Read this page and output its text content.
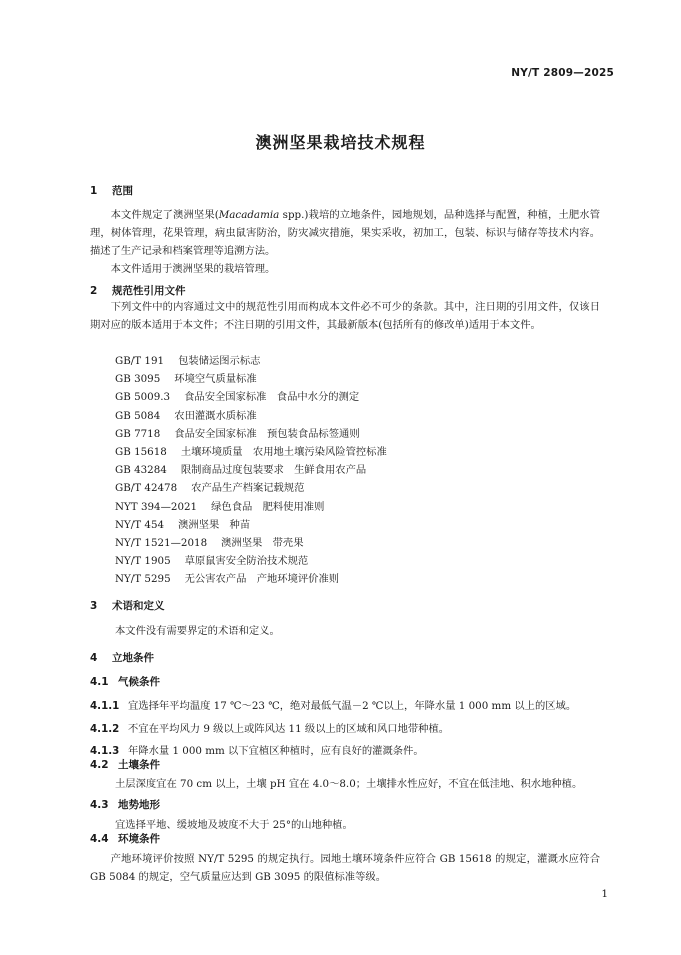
NY/T 2809—2025
澳洲坚果栽培技术规程
1 范围

本文件规定了澳洲坚果(Macadamia spp.)栽培的立地条件，园地规划，品种选择与配置，种植，土肥水管理，树体管理，花果管理，病虫鼠害防治，防灾减灾措施，果实采收，初加工，包装、标识与储存等技术内容。描述了生产记录和档案管理等追溯方法。

本文件适用于澳洲坚果的栽培管理。

2 规范性引用文件

下列文件中的内容通过文中的规范性引用而构成本文件必不可少的条款。其中，注日期的引用文件，仅该日期对应的版本适用于本文件；不注日期的引用文件，其最新版本(包括所有的修改单)适用于本文件。

GB/T 191 包装储运图示标志
GB 3095 环境空气质量标准
GB 5009.3 食品安全国家标准　食品中水分的测定
GB 5084 农田灌溉水质标准
GB 7718 食品安全国家标准　预包装食品标签通则
GB 15618 土壤环境质量　农用地土壤污染风险管控标准
GB 43284 限制商品过度包装要求　生鲜食用农产品
GB/T 42478 农产品生产档案记载规范
NYT 394—2021 绿色食品　肥料使用准则
NY/T 454 澳洲坚果　种苗
NY/T 1521—2018 澳洲坚果　带壳果
NY/T 1905 草原鼠害安全防治技术规范
NY/T 5295 无公害农产品　产地环境评价准则
3 术语和定义
本文件没有需要界定的术语和定义。
4 立地条件
4.1 气候条件
4.1.1 宜选择年平均温度 17 ℃～23 ℃，绝对最低气温－2 ℃以上，年降水量 1 000 mm 以上的区域。
4.1.2 不宜在平均风力 9 级以上或阵风达 11 级以上的区域和风口地带种植。
4.1.3 年降水量 1 000 mm 以下宜植区种植时，应有良好的灌溉条件。
4.2 土壤条件
土层深度宜在 70 cm 以上，土壤 pH 宜在 4.0～8.0；土壤排水性应好，不宜在低洼地、积水地种植。
4.3 地势地形
宜选择平地、缓坡地及坡度不大于 25°的山地种植。
4.4 环境条件

产地环境评价按照 NY/T 5295 的规定执行。园地土壤环境条件应符合 GB 15618 的规定，灌溉水应符合 GB 5084 的规定，空气质量应达到 GB 3095 的限值标准等级。

1
